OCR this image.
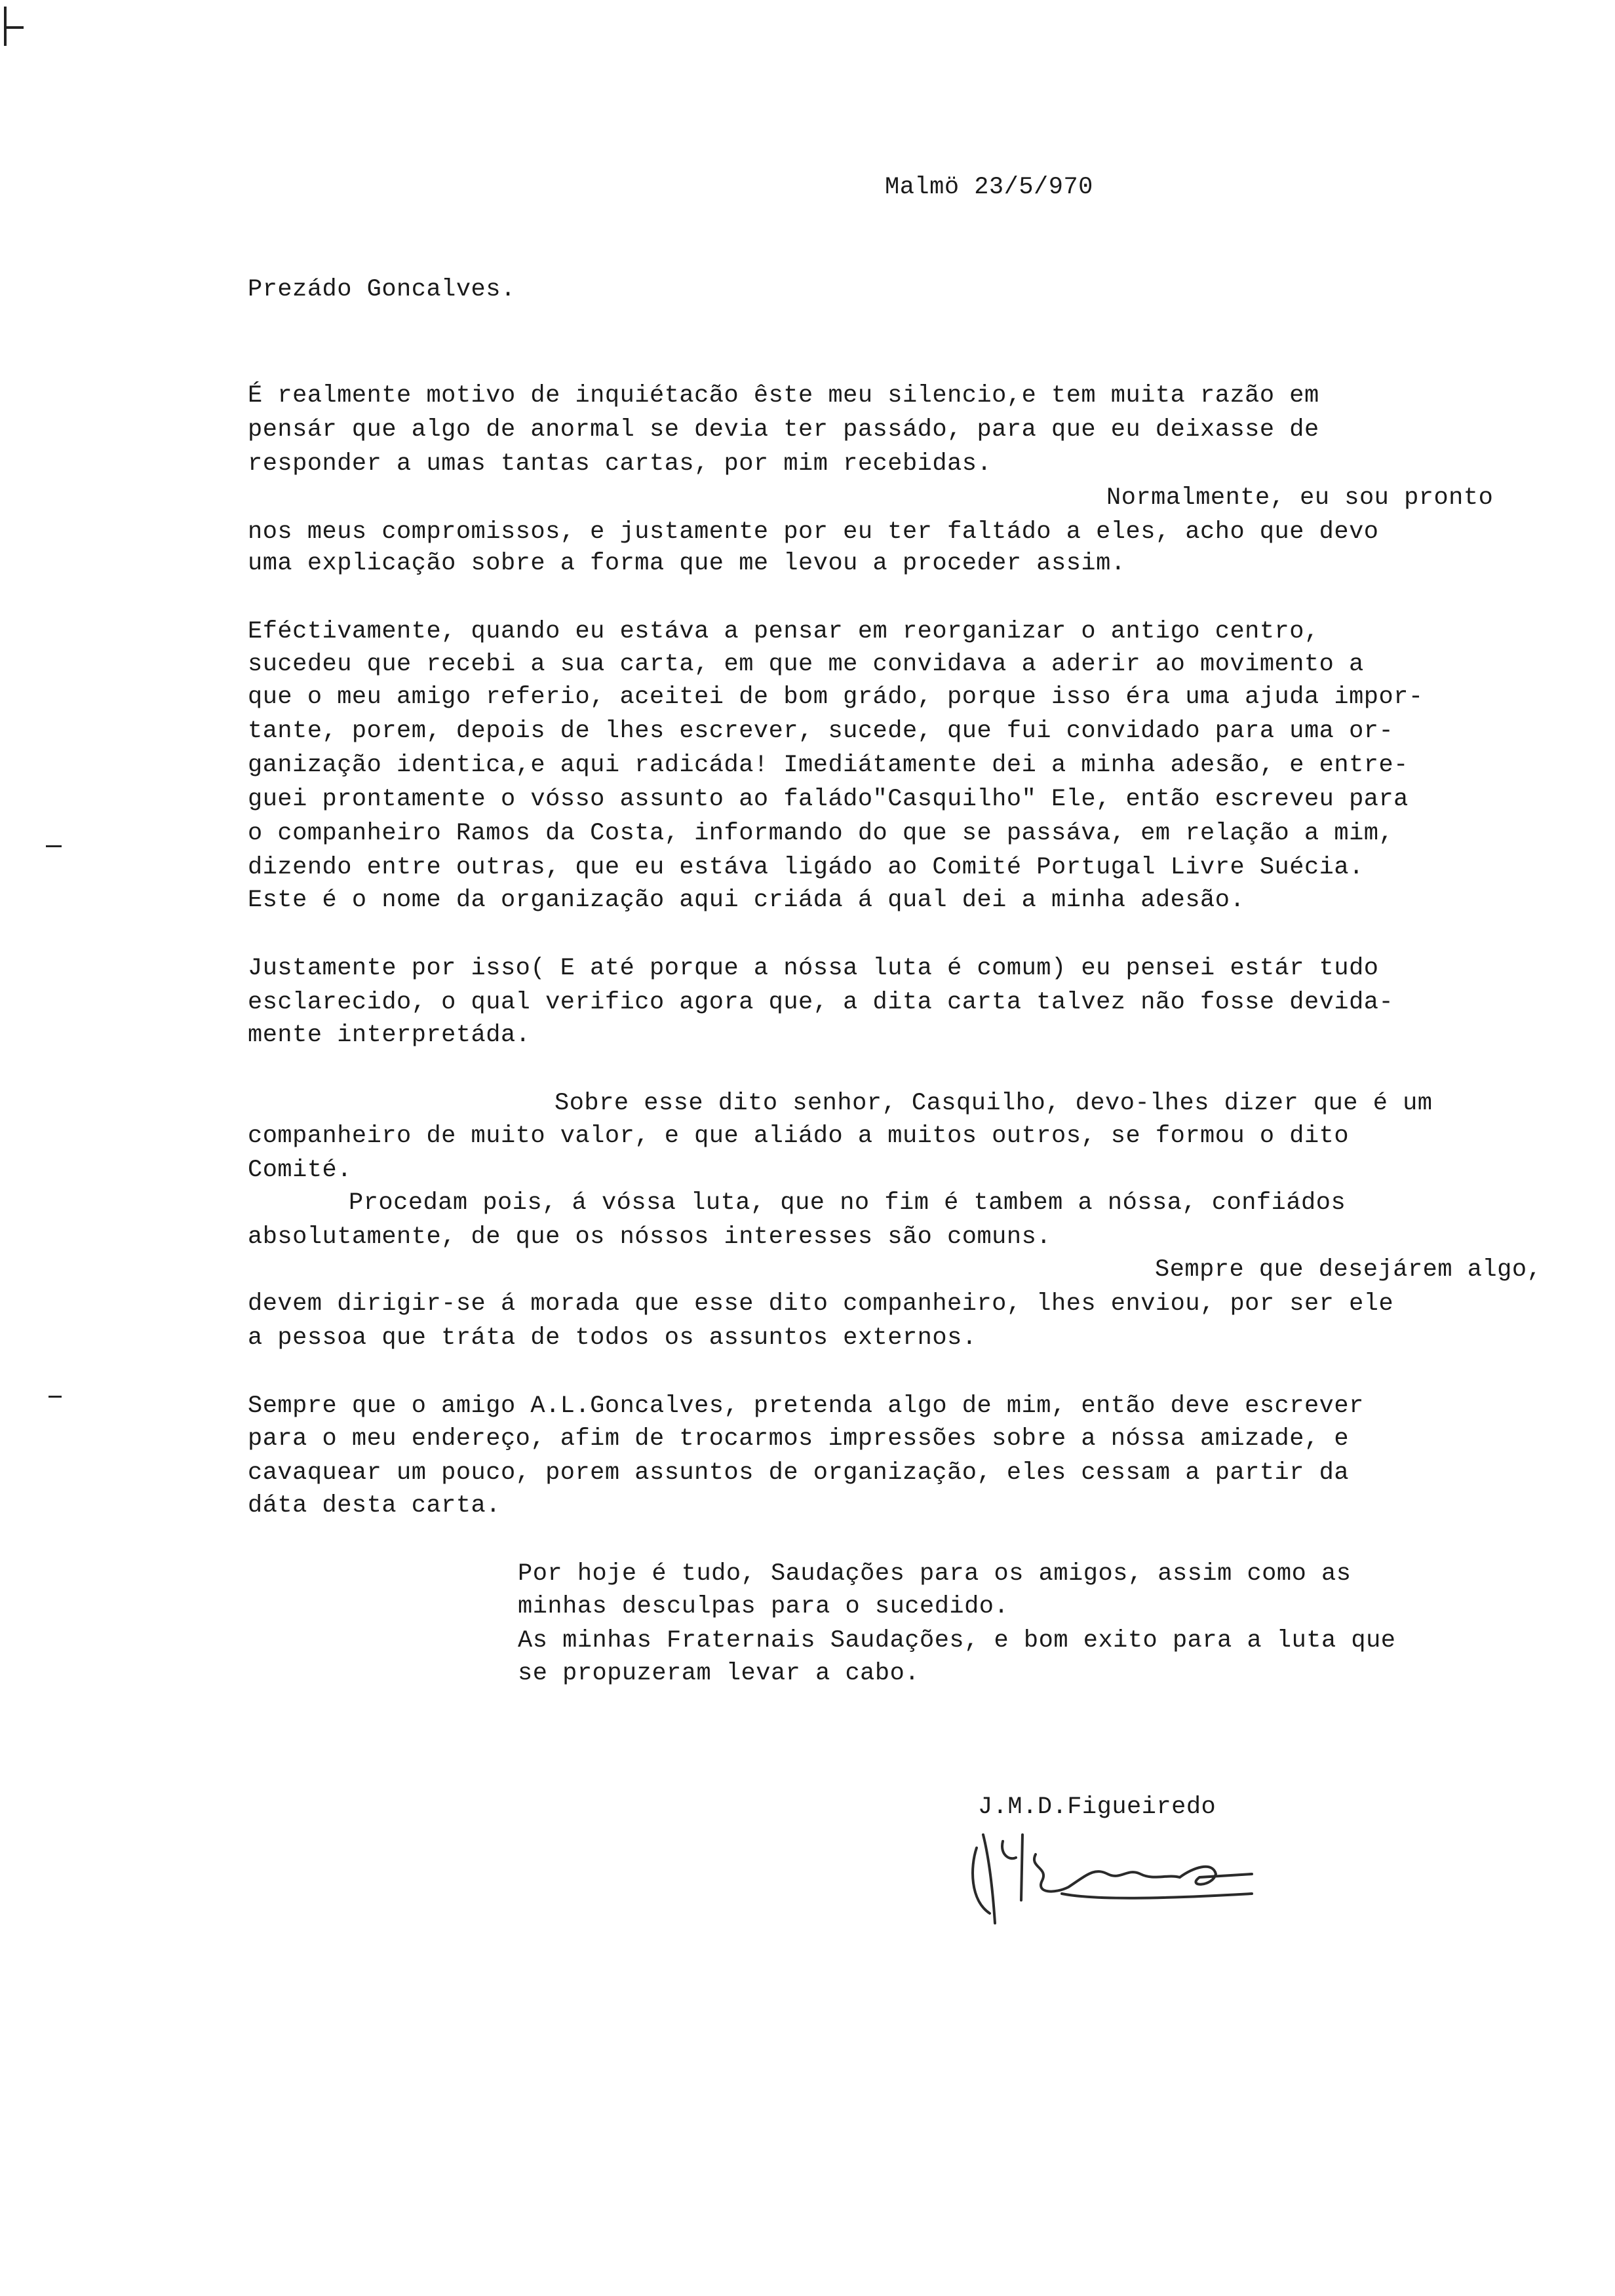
Malmö 23/5/970
Prezádo Goncalves.
É realmente motivo de inquiétacão êste meu silencio,e tem muita razão em
pensár que algo de anormal se devia ter passádo, para que eu deixasse de
responder a umas tantas cartas, por mim recebidas.
Normalmente, eu sou pronto
nos meus compromissos, e justamente por eu ter faltádo a eles, acho que devo
uma explicação sobre a forma que me levou a proceder assim.
Eféctivamente, quando eu estáva a pensar em reorganizar o antigo centro,
sucedeu que recebi a sua carta, em que me convidava a aderir ao movimento a
que o meu amigo referio, aceitei de bom grádo, porque isso éra uma ajuda impor-
tante, porem, depois de lhes escrever, sucede, que fui convidado para uma or-
ganização identica,e aqui radicáda! Imediátamente dei a minha adesão, e entre-
guei prontamente o vósso assunto ao faládo"Casquilho" Ele, então escreveu para
o companheiro Ramos da Costa, informando do que se passáva, em relação a mim,
dizendo entre outras, que eu estáva ligádo ao Comité Portugal Livre Suécia.
Este é o nome da organização aqui criáda á qual dei a minha adesão.
Justamente por isso( E até porque a nóssa luta é comum) eu pensei estár tudo
esclarecido, o qual verifico agora que, a dita carta talvez não fosse devida-
mente interpretáda.
Sobre esse dito senhor, Casquilho, devo-lhes dizer que é um
companheiro de muito valor, e que aliádo a muitos outros, se formou o dito
Comité.
Procedam pois, á vóssa luta, que no fim é tambem a nóssa, confiádos
absolutamente, de que os nóssos interesses são comuns.
Sempre que desejárem algo,
devem dirigir-se á morada que esse dito companheiro, lhes enviou, por ser ele
a pessoa que tráta de todos os assuntos externos.
Sempre que o amigo A.L.Goncalves, pretenda algo de mim, então deve escrever
para o meu endereço, afim de trocarmos impressões sobre a nóssa amizade, e
cavaquear um pouco, porem assuntos de organização, eles cessam a partir da
dáta desta carta.
Por hoje é tudo, Saudações para os amigos, assim como as
minhas desculpas para o sucedido.
As minhas Fraternais Saudações, e bom exito para a luta que
se propuzeram levar a cabo.
J.M.D.Figueiredo
